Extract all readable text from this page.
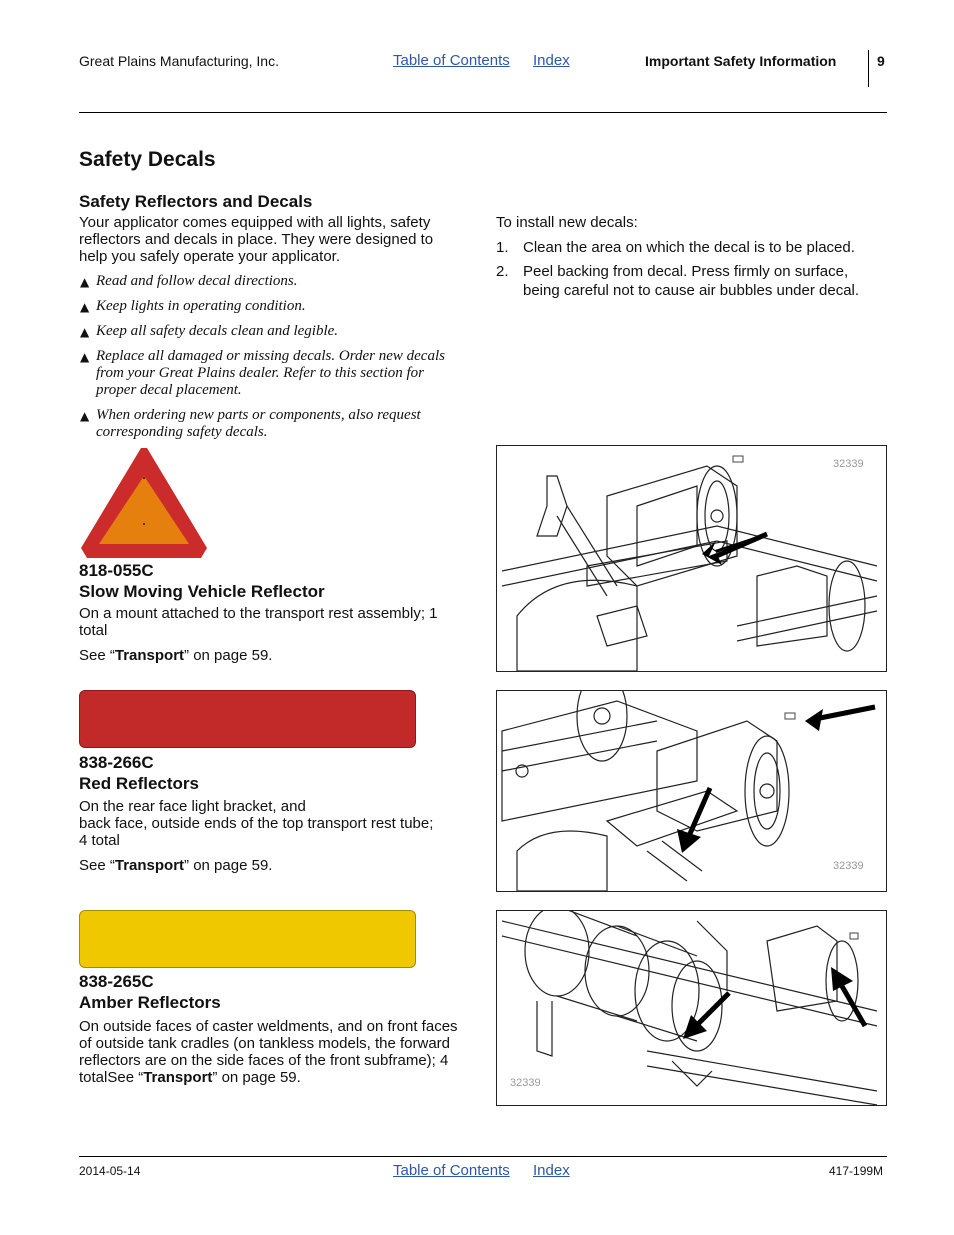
Great Plains Manufacturing, Inc.	Table of Contents Index	Important Safety Information	9
Safety Decals
Safety Reflectors and Decals
Your applicator comes equipped with all lights, safety reflectors and decals in place. They were designed to help you safely operate your applicator.
▲ Read and follow decal directions.
▲ Keep lights in operating condition.
▲ Keep all safety decals clean and legible.
▲ Replace all damaged or missing decals. Order new decals from your Great Plains dealer. Refer to this section for proper decal placement.
▲ When ordering new parts or components, also request corresponding safety decals.
To install new decals:
1. Clean the area on which the decal is to be placed.
2. Peel backing from decal. Press firmly on surface, being careful not to cause air bubbles under decal.
818-055C
Slow Moving Vehicle Reflector
On a mount attached to the transport rest assembly; 1 total
See “Transport” on page 59.
838-266C
Red Reflectors
On the rear face light bracket, and
back face, outside ends of the top transport rest tube;
4 total
See “Transport” on page 59.
838-265C
Amber Reflectors
On outside faces of caster weldments, and on front faces of outside tank cradles (on tankless models, the forward reflectors are on the side faces of the front subframe); 4 totalSee “Transport” on page 59.
32339
32339
32339
2014-05-14	Table of Contents Index	417-199M
